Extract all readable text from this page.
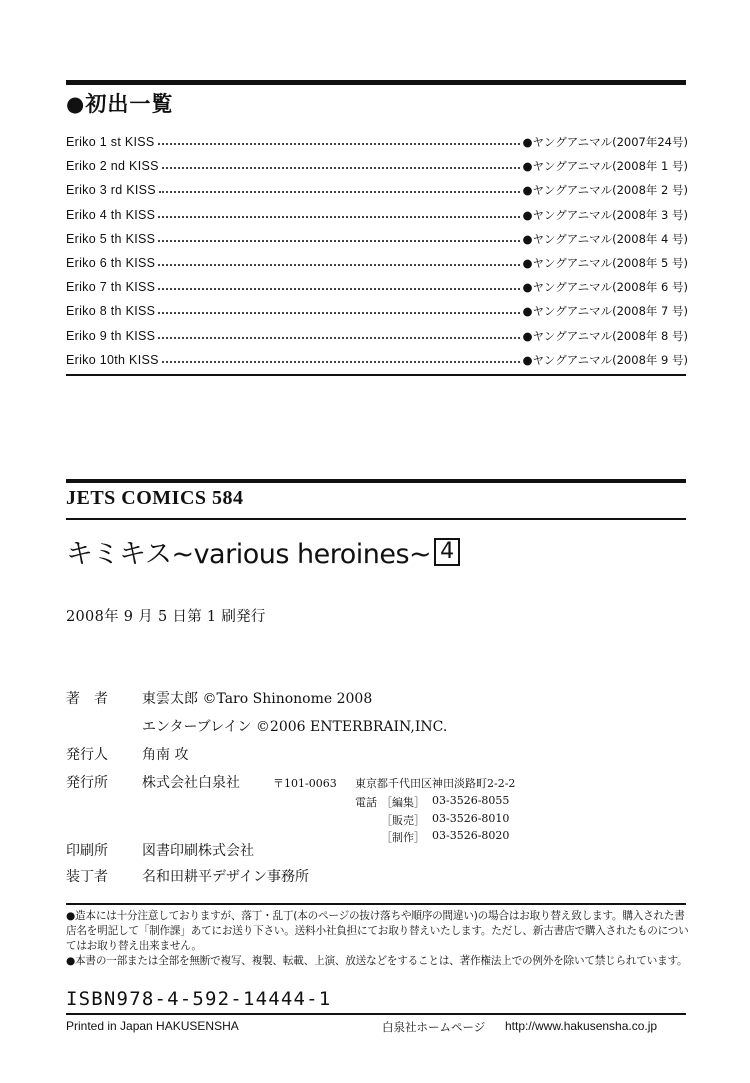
●初出一覧
Eriko 1 st KISS	●ヤングアニマル(2007年24号)
Eriko 2 nd KISS	●ヤングアニマル(2008年 1 号)
Eriko 3 rd KISS	●ヤングアニマル(2008年 2 号)
Eriko 4 th KISS	●ヤングアニマル(2008年 3 号)
Eriko 5 th KISS	●ヤングアニマル(2008年 4 号)
Eriko 6 th KISS	●ヤングアニマル(2008年 5 号)
Eriko 7 th KISS	●ヤングアニマル(2008年 6 号)
Eriko 8 th KISS	●ヤングアニマル(2008年 7 号)
Eriko 9 th KISS	●ヤングアニマル(2008年 8 号)
Eriko 10th KISS	●ヤングアニマル(2008年 9 号)
JETS COMICS 584
キミキス~various heroines~ 4
2008年 9 月 5 日第 1 刷発行
著　者 東雲太郎 ©Taro Shinonome 2008
エンターブレイン ©2006 ENTERBRAIN,INC.
発行人 角南 攻
発行所 株式会社白泉社	〒101-0063 東京都千代田区神田淡路町2-2-2
電話 ［編集］ 03-3526-8055
［販売］ 03-3526-8010
［制作］ 03-3526-8020
印刷所 図書印刷株式会社
装丁者 名和田耕平デザイン事務所
●造本には十分注意しておりますが、落丁・乱丁(本のページの抜け落ちや順序の間違い)の場合はお取り替え致します。購入された書店名を明記して「制作課」あてにお送り下さい。送料小社負担にてお取り替えいたします。ただし、新古書店で購入されたものについてはお取り替え出来ません。
●本書の一部または全部を無断で複写、複製、転載、上演、放送などをすることは、著作権法上での例外を除いて禁じられています。
ISBN978-4-592-14444-1
Printed in Japan HAKUSENSHA	白泉社ホームページ http://www.hakusensha.co.jp
